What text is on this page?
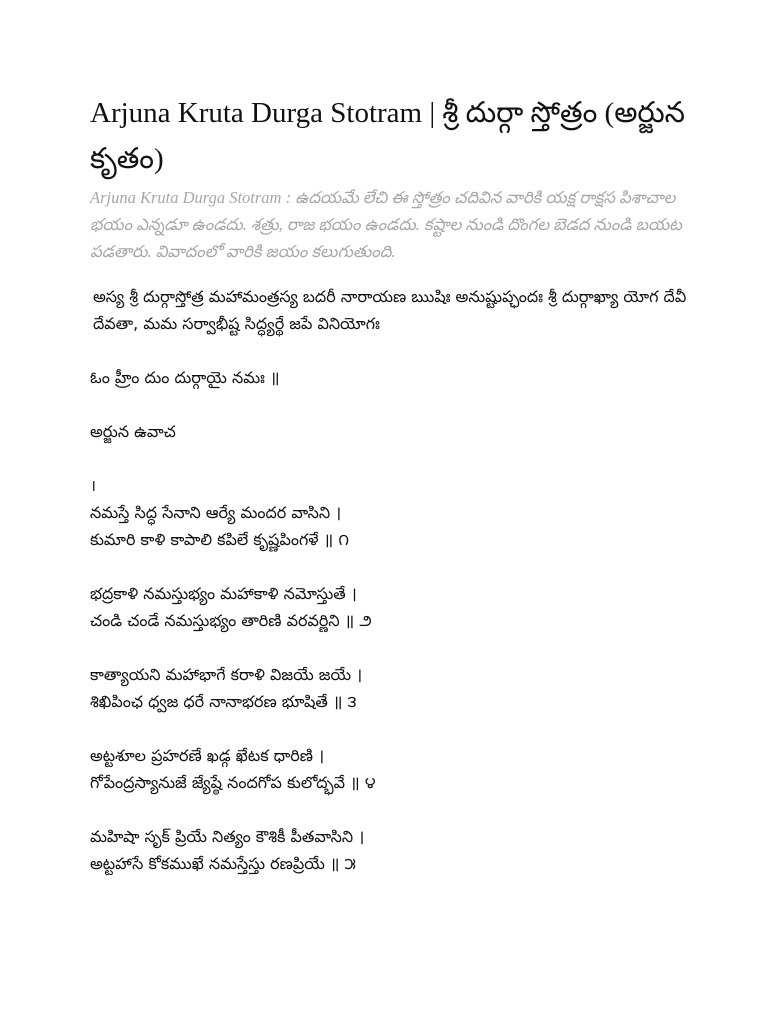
Arjuna Kruta Durga Stotram | శ్రీ దుర్గా స్తోత్రం (అర్జున కృతం)

Arjuna Kruta Durga Stotram : ఉదయమే లేచి ఈ స్తోత్రం చదివిన వారికి యక్ష రాక్షస పిశాచాల భయం ఎన్నడూ ఉండదు. శత్రు, రాజ భయం ఉండదు. కష్టాల నుండి దొంగల బెడద నుండి బయట పడతారు. వివాదంలో వారికి జయం కలుగుతుంది.

అస్య శ్రీ దుర్గాస్తోత్ర మహామంత్రస్య బదరీ నారాయణ ఋషిః అనుష్టుప్ఛందః శ్రీ దుర్గాఖ్యా యోగ దేవీ దేవతా, మమ సర్వాభీష్ట సిద్ధ్యర్థే జపే వినియోగః
ఓం హ్రీం దుం దుర్గాయై నమః ॥
అర్జున ఉవాచ
।
నమస్తే సిద్ధ సేనాని ఆర్యే మందర వాసిని ।
కుమారి కాళి కాపాలి కపిలే కృష్ణపింగళే ॥ ౧
భద్రకాళి నమస్తుభ్యం మహాకాళి నమోస్తుతే ।
చండి చండే నమస్తుభ్యం తారిణి వరవర్ణిని ॥ ౨
కాత్యాయని మహాభాగే కరాళి విజయే జయే ।
శిఖిపింఛ ధ్వజ ధరే నానాభరణ భూషితే ॥ ౩
అట్టశూల ప్రహరణే ఖడ్గ ఖేటక ధారిణి ।
గోపేంద్రస్యానుజే జ్యేష్ఠే నందగోప కులోద్భవే ॥ ౪
మహిషా సృక్ ప్రియే నిత్యం కౌశికీ పీతవాసిని ।
అట్టహాసే కోకముఖే నమస్తేస్తు రణప్రియే ॥ ౫
